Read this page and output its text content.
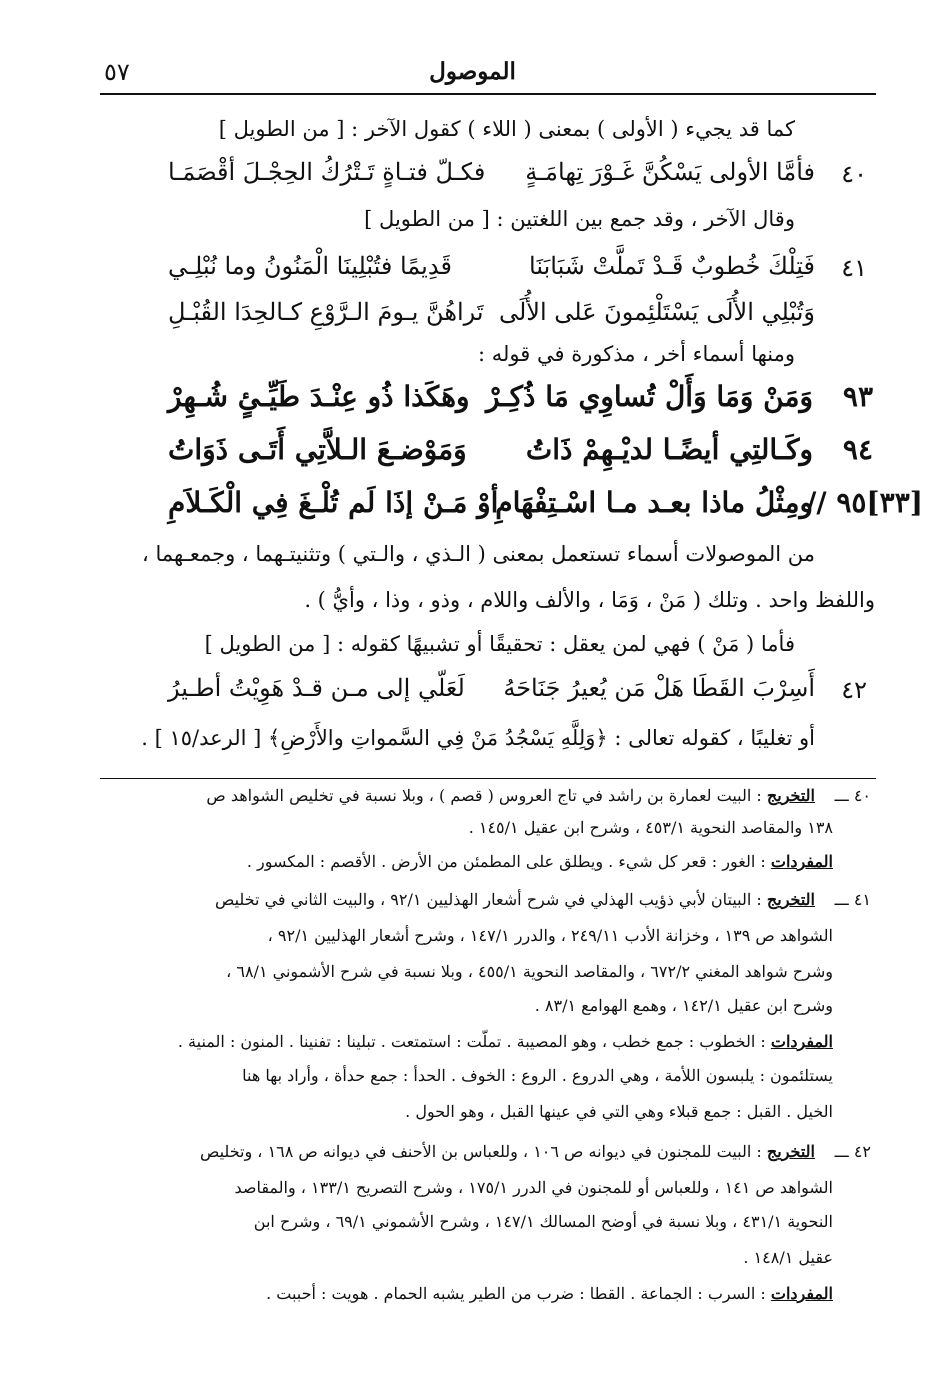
الموصول
٥٧
كما قد يجيء ( الأولى ) بمعنى ( اللاء ) كقول الآخر : [ من الطويل ]
٤٠
فأمَّا الأولى يَسْكُنَّ غَـوْرَ تِهامَـةٍ
فكـلّ فتـاةٍ تَـتْرُكُ الحِجْـلَ أقْصَمَـا
وقال الآخر ، وقد جمع بين اللغتين : [ من الطويل ]
٤١
فَتِلْكَ خُطوبٌ قَـدْ تَملَّتْ شَبَابَنَا
قَدِيمًا فتُبْلِينَا الْمَنُونُ وما نُبْلِـي
وَتُبْلِي الأُلَى يَسْتَلْئِمونَ عَلى الأُلَى
تَراهُنَّ يـومَ الـرَّوْعِ كـالحِدَا القُبْـلِ
ومنها أسماء أخر ، مذكورة في قوله :
٩٣
وَمَنْ وَمَا وَأَلْ تُساوِي مَا ذُكِـرْ
وهَكَذا ذُو عِنْـدَ طَيِّـئٍ شُـهِرْ
٩٤
وكَـالتِي أيضًـا لديْـهِمْ ذَاتُ
وَمَوْضـعَ الـلاَّتِي أَتَـى ذَوَاتُ
[٣٣]٩٥ //
ومِثْلُ ماذا بعـد مـا اسْـتِفْهَامِ
أوْ مَـنْ إذَا لَم تُلْـغَ فِي الْكَـلاَمِ
من الموصولات أسماء تستعمل بمعنى ( الـذي ، والـتي ) وتثنيتـهما ، وجمعـهما ،
واللفظ واحد . وتلك ( مَنْ ، وَمَا ، والألف واللام ، وذو ، وذا ، وأيُّ ) .
فأما ( مَنْ ) فهي لمن يعقل : تحقيقًا أو تشبيهًا كقوله : [ من الطويل ]
٤٢
أَسِرْبَ القَطَا هَلْ مَن يُعيرُ جَنَاحَهُ
لَعَلّي إلى مـن قـدْ هَوِيْتُ أطـيرُ
أو تغليبًا ، كقوله تعالى : ﴿وَلِلَّهِ يَسْجُدُ مَنْ فِي السَّمواتِ والأَرْضِ﴾ [ الرعد/١٥ ] .
٤٠ ـــ
التخريج : البيت لعمارة بن راشد في تاج العروس ( قصم ) ، وبلا نسبة في تخليص الشواهد ص
١٣٨ والمقاصد النحوية ٤٥٣/١ ، وشرح ابن عقيل ١٤٥/١ .
المفردات : الغور : قعر كل شيء . ويطلق على المطمئن من الأرض . الأقصم : المكسور .
٤١ ـــ
التخريج : البيتان لأبي ذؤيب الهذلي في شرح أشعار الهذليين ٩٢/١ ، والبيت الثاني في تخليص
الشواهد ص ١٣٩ ، وخزانة الأدب ٢٤٩/١١ ، والدرر ١٤٧/١ ، وشرح أشعار الهذليين ٩٢/١ ،
وشرح شواهد المغني ٦٧٢/٢ ، والمقاصد النحوية ٤٥٥/١ ، وبلا نسبة في شرح الأشموني ٦٨/١ ،
وشرح ابن عقيل ١٤٢/١ ، وهمع الهوامع ٨٣/١ .
المفردات : الخطوب : جمع خطب ، وهو المصيبة . تملّت : استمتعت . تبلينا : تفنينا . المنون : المنية .
يستلئمون : يلبسون اللأمة ، وهي الدروع . الروع : الخوف . الحدأ : جمع حدأة ، وأراد بها هنا
الخيل . القبل : جمع قبلاء وهي التي في عينها القبل ، وهو الحول .
٤٢ ـــ
التخريج : البيت للمجنون في ديوانه ص ١٠٦ ، وللعباس بن الأحنف في ديوانه ص ١٦٨ ، وتخليص
الشواهد ص ١٤١ ، وللعباس أو للمجنون في الدرر ١٧٥/١ ، وشرح التصريح ١٣٣/١ ، والمقاصد
النحوية ٤٣١/١ ، وبلا نسبة في أوضح المسالك ١٤٧/١ ، وشرح الأشموني ٦٩/١ ، وشرح ابن
عقيل ١٤٨/١ .
المفردات : السرب : الجماعة . القطا : ضرب من الطير يشبه الحمام . هويت : أحببت .
